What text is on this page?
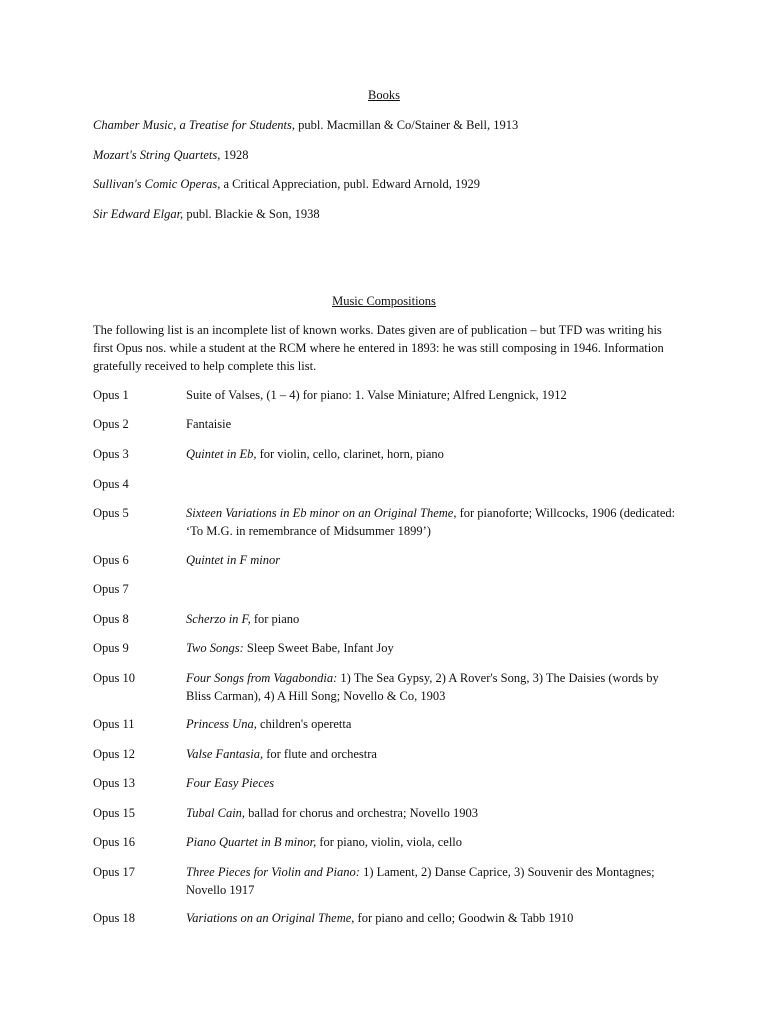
Books

Chamber Music, a Treatise for Students, publ. Macmillan & Co/Stainer & Bell, 1913

Mozart's String Quartets, 1928

Sullivan's Comic Operas, a Critical Appreciation, publ. Edward Arnold, 1929

Sir Edward Elgar, publ. Blackie & Son, 1938

Music Compositions

The following list is an incomplete list of known works. Dates given are of publication – but TFD was writing his first Opus nos. while a student at the RCM where he entered in 1893: he was still composing in 1946. Information gratefully received to help complete this list.

Opus 1	Suite of Valses, (1 – 4) for piano: 1. Valse Miniature; Alfred Lengnick, 1912
Opus 2	Fantaisie
Opus 3	Quintet in Eb, for violin, cello, clarinet, horn, piano
Opus 4
Opus 5	Sixteen Variations in Eb minor on an Original Theme, for pianoforte; Willcocks, 1906 (dedicated: ‘To M.G. in remembrance of Midsummer 1899’)
Opus 6	Quintet in F minor
Opus 7
Opus 8	Scherzo in F, for piano
Opus 9	Two Songs: Sleep Sweet Babe, Infant Joy
Opus 10	Four Songs from Vagabondia: 1) The Sea Gypsy, 2) A Rover's Song, 3) The Daisies (words by Bliss Carman), 4) A Hill Song; Novello & Co, 1903
Opus 11	Princess Una, children's operetta
Opus 12	Valse Fantasia, for flute and orchestra
Opus 13	Four Easy Pieces
Opus 15	Tubal Cain, ballad for chorus and orchestra; Novello 1903
Opus 16	Piano Quartet in B minor, for piano, violin, viola, cello
Opus 17	Three Pieces for Violin and Piano: 1) Lament, 2) Danse Caprice, 3) Souvenir des Montagnes; Novello 1917
Opus 18	Variations on an Original Theme, for piano and cello; Goodwin & Tabb 1910
